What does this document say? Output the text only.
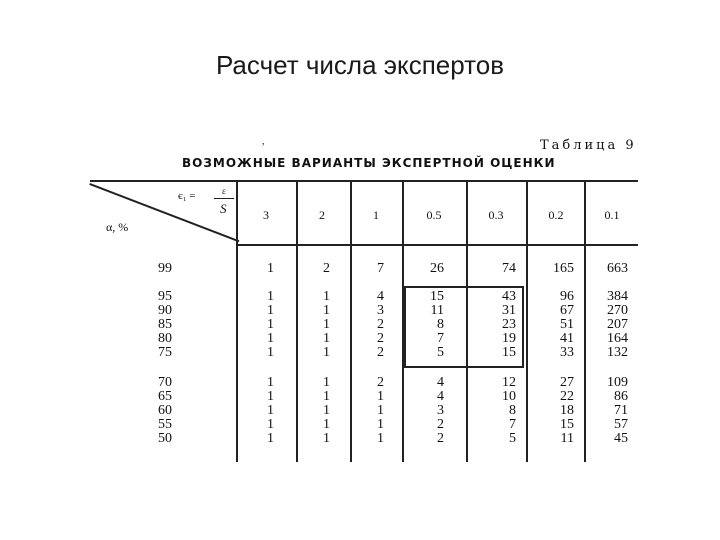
Расчет числа экспертов
,	Таблица 9
ВОЗМОЖНЫЕ ВАРИАНТЫ ЭКСПЕРТНОЙ ОЦЕНКИ
є₁ =	ε
S
α, %
3	2	1	0.5	0.3	0.2	0.1
99	1	2	7	26	74	165	663
95	1	1	4	15	43	96	384
90	1	1	3	11	31	67	270
85	1	1	2	8	23	51	207
80	1	1	2	7	19	41	164
75	1	1	2	5	15	33	132
70	1	1	2	4	12	27	109
65	1	1	1	4	10	22	86
60	1	1	1	3	8	18	71
55	1	1	1	2	7	15	57
50	1	1	1	2	5	11	45
